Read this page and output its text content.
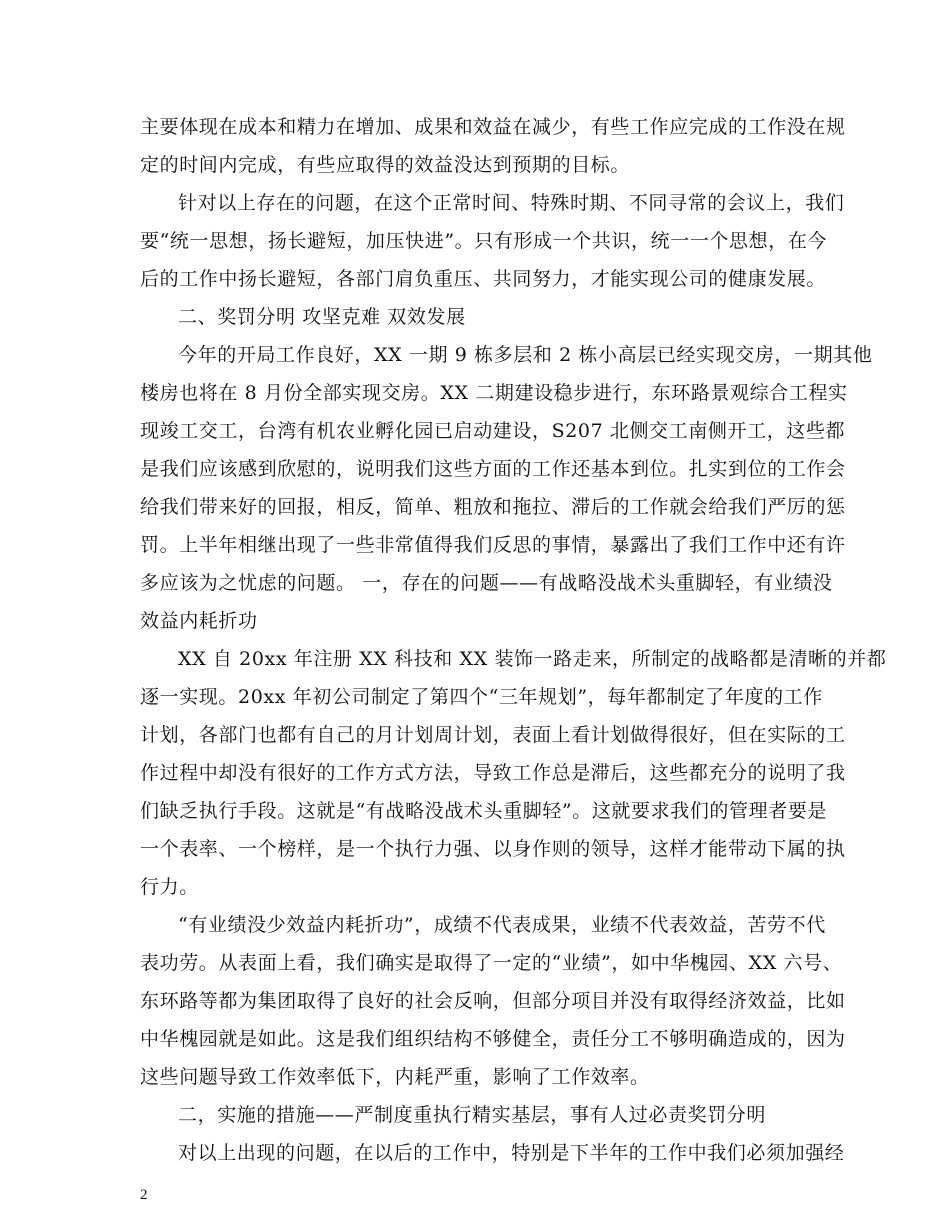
主要体现在成本和精力在增加、成果和效益在减少，有些工作应完成的工作没在规
定的时间内完成，有些应取得的效益没达到预期的目标。
针对以上存在的问题，在这个正常时间、特殊时期、不同寻常的会议上，我们
要“统一思想，扬长避短，加压快进”。只有形成一个共识，统一一个思想，在今
后的工作中扬长避短，各部门肩负重压、共同努力，才能实现公司的健康发展。
二、奖罚分明 攻坚克难 双效发展
今年的开局工作良好，XX 一期 9 栋多层和 2 栋小高层已经实现交房，一期其他
楼房也将在 8 月份全部实现交房。XX 二期建设稳步进行，东环路景观综合工程实
现竣工交工，台湾有机农业孵化园已启动建设，S207 北侧交工南侧开工，这些都
是我们应该感到欣慰的，说明我们这些方面的工作还基本到位。扎实到位的工作会
给我们带来好的回报，相反，简单、粗放和拖拉、滞后的工作就会给我们严厉的惩
罚。上半年相继出现了一些非常值得我们反思的事情，暴露出了我们工作中还有许
多应该为之忧虑的问题。 一，存在的问题——有战略没战术头重脚轻，有业绩没
效益内耗折功
XX 自 20xx 年注册 XX 科技和 XX 装饰一路走来，所制定的战略都是清晰的并都
逐一实现。20xx 年初公司制定了第四个“三年规划”，每年都制定了年度的工作
计划，各部门也都有自己的月计划周计划，表面上看计划做得很好，但在实际的工
作过程中却没有很好的工作方式方法，导致工作总是滞后，这些都充分的说明了我
们缺乏执行手段。这就是“有战略没战术头重脚轻”。这就要求我们的管理者要是
一个表率、一个榜样，是一个执行力强、以身作则的领导，这样才能带动下属的执
行力。
“有业绩没少效益内耗折功”，成绩不代表成果，业绩不代表效益，苦劳不代
表功劳。从表面上看，我们确实是取得了一定的“业绩”，如中华槐园、XX 六号、
东环路等都为集团取得了良好的社会反响，但部分项目并没有取得经济效益，比如
中华槐园就是如此。这是我们组织结构不够健全，责任分工不够明确造成的，因为
这些问题导致工作效率低下，内耗严重，影响了工作效率。
二，实施的措施——严制度重执行精实基层，事有人过必责奖罚分明
对以上出现的问题，在以后的工作中，特别是下半年的工作中我们必须加强经
2
